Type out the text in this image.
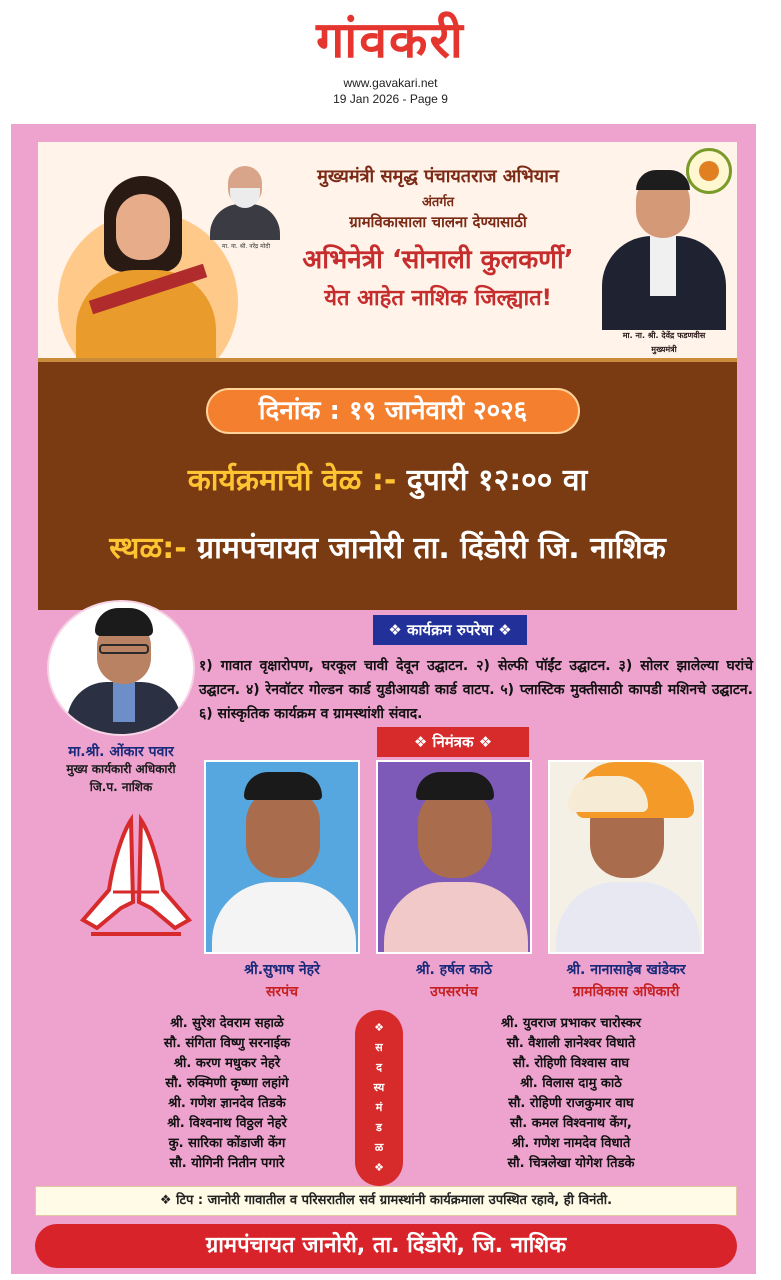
गांवकरी
www.gavakari.net
19 Jan 2026 - Page 9
मा. ना. श्री. नरेंद्र मोदी
मा. ना. श्री. देवेंद्र फडणवीस
मुख्यमंत्री
मुख्यमंत्री समृद्ध पंचायतराज अभियान
अंतर्गत
ग्रामविकासाला चालना देण्यासाठी
अभिनेत्री ‘सोनाली कुलकर्णी’
येत आहेत नाशिक जिल्ह्यात!
दिनांक : १९ जानेवारी २०२६
कार्यक्रमाची वेळ :- दुपारी १२:०० वा
स्थळ:- ग्रामपंचायत जानोरी ता. दिंडोरी जि. नाशिक
मा.श्री. ओंकार पवार
मुख्य कार्यकारी अधिकारी
जि.प. नाशिक
❖ कार्यक्रम रुपरेषा ❖
१) गावात वृक्षारोपण, घरकूल चावी देवून उद्घाटन. २) सेल्फी पॉईंट उद्घाटन. ३) सोलर झालेल्या घरांचे उद्घाटन. ४) रेनवॉटर गोल्डन कार्ड युडीआयडी कार्ड वाटप. ५) प्लास्टिक मुक्तीसाठी कापडी मशिनचे उद्घाटन. ६) सांस्कृतिक कार्यक्रम व ग्रामस्थांशी संवाद.
❖ निमंत्रक ❖
श्री.सुभाष नेहरे
सरपंच
श्री. हर्षल काठे
उपसरपंच
श्री. नानासाहेब खांडेकर
ग्रामविकास अधिकारी
श्री. सुरेश देवराम सहाळे
सौ. संगिता विष्णु सरनाईक
श्री. करण मधुकर नेहरे
सौ. रुक्मिणी कृष्णा लहांगे
श्री. गणेश ज्ञानदेव तिडके
श्री. विश्वनाथ विठ्ठल नेहरे
कु. सारिका कोंडाजी केंग
सौ. योगिनी नितीन पगारे
❖
स
द
स्य
मं
ड
ळ
❖
श्री. युवराज प्रभाकर चारोस्कर
सौ. वैशाली ज्ञानेश्वर विधाते
सौ. रोहिणी विश्वास वाघ
श्री. विलास दामु काठे
सौ. रोहिणी राजकुमार वाघ
सौ. कमल विश्वनाथ केंग,
श्री. गणेश नामदेव विधाते
सौ. चित्रलेखा योगेश तिडके
❖ टिप : जानोरी गावातील व परिसरातील सर्व ग्रामस्थांनी कार्यक्रमाला उपस्थित रहावे, ही विनंती.
ग्रामपंचायत जानोरी, ता. दिंडोरी, जि. नाशिक
